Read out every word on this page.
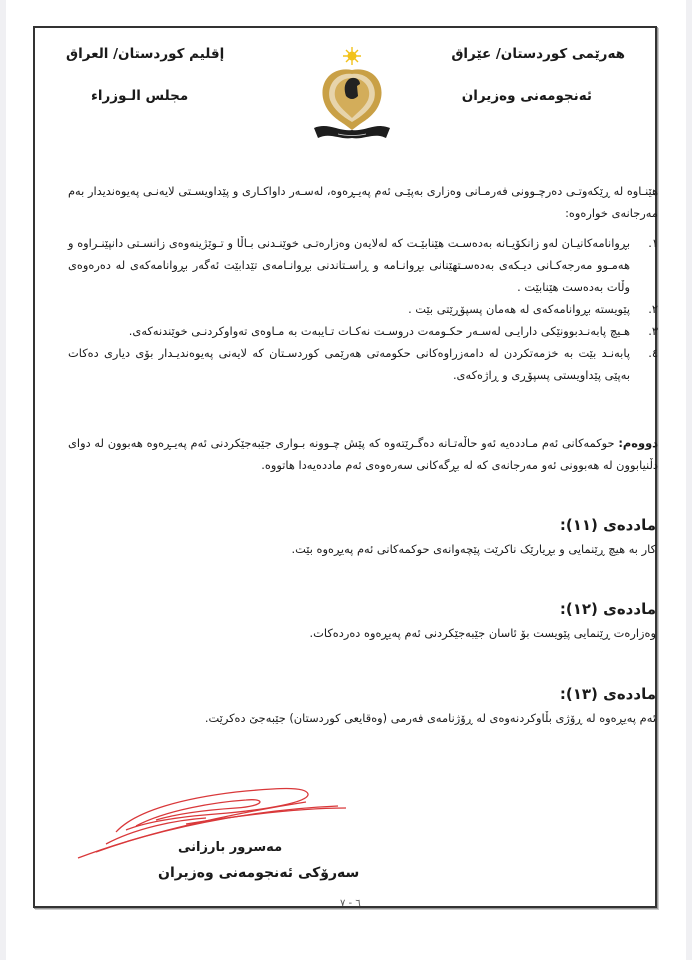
هەرێمی کوردستان/ عێراق
ئەنجومەنی وەزیران
إقليم كوردستان/ العراق
مجلس الـوزراء
هێنـاوە لە ڕێکەوتـی دەرچـوونی فەرمـانی وەزاری بەپێـی ئەم پەیـڕەوە، لەسـەر داواکـاری و پێداویسـتی لایەنـی پەیوەندیدار بەم مەرجانەی خوارەوە:
١.
بڕوانامەکانیـان لەو زانکۆیـانە بەدەسـت هێنابێـت کە لەلایەن وەزارەتـی خوێنـدنی بـاڵا و تـوێژینەوەی زانسـتی دانپێنـراوە و هەمـوو مەرجەکـانی دیـکەی بەدەسـتهێنانی بڕوانـامە و ڕاسـتاندنی بڕوانـامەی تێدابێت ئەگەر بڕوانامەکەی لە دەرەوەی وڵات بەدەست هێنابێت .
٢.
پێویستە بڕوانامەکەی لە هەمان پسپۆڕێتی بێت .
٣.
هـیچ پابەنـدبوونێکی دارایـی لەسـەر حکـومەت دروسـت نەکـات تـایبەت بە مـاوەی تەواوکردنـی خوێندنەکەی.
٤.
پابەنـد بێت بە خزمەتکردن لە دامەزراوەکانی حکومەتی هەرێمی کوردسـتان کە لایەنی پەیوەندیـدار بۆی دیاری دەکات بەپێی پێداویستی پسپۆڕی و ڕاژەکەی.
دووەم: حوکمەکانی ئەم مـاددەیە ئەو حاڵەتـانە دەگـرێتەوە کە پێش چـوونە بـواری جێبەجێکردنی ئەم پەیـڕەوە هەبوون لە دوای دڵنیابوون لە هەبوونی ئەو مەرجانەی کە لە بڕگەکانی سەرەوەی ئەم ماددەیەدا هاتووە.
ماددەی (١١):
کار بە هیچ ڕێنمایی و بڕیارێک ناکرێت پێچەوانەی حوکمەکانی ئەم پەیڕەوە بێت.
ماددەی (١٢):
وەزارەت ڕێنمایی پێویست بۆ ئاسان جێبەجێکردنی ئەم پەیڕەوە دەردەکات.
ماددەی (١٣):
ئەم پەیڕەوە لە ڕۆژی بڵاوکردنەوەی لە ڕۆژنامەی فەرمی (وەقایعی کوردستان) جێبەجێ دەکرێت.
مەسرور بارزانی
سەرۆکی ئەنجومەنی وەزیران
٦ - ٧
